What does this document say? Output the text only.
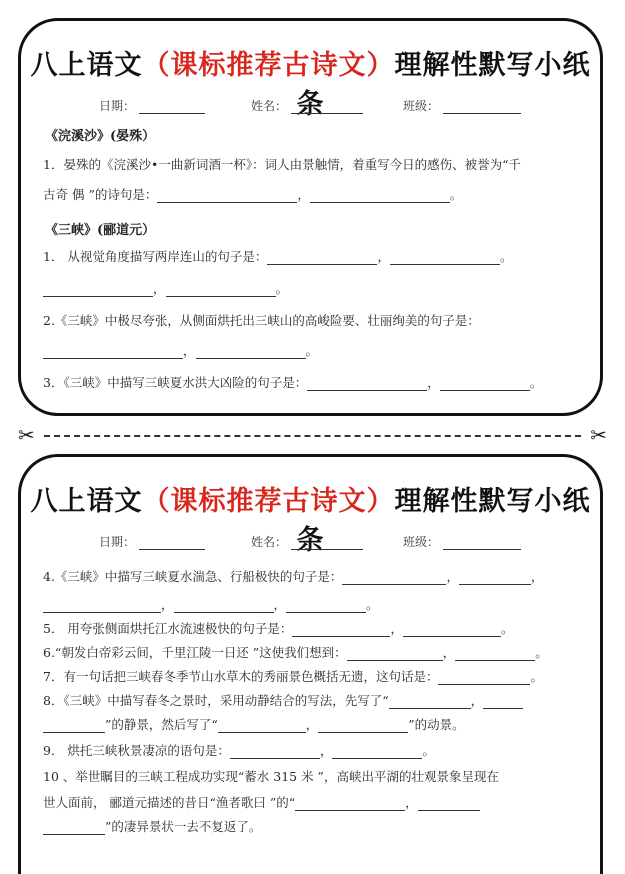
八上语文（课标推荐古诗文）理解性默写小纸条
日期：	姓名：	班级：
《浣溪沙》(晏殊）
1．晏殊的《浣溪沙•一曲新词酒一杯》：词人由景触情，着重写今日的感伤、被誉为“千
古奇 偶 ”的诗句是：	，	。
《三峡》(郦道元）
1． 从视觉角度描写两岸连山的句子是：	，	。
，	。
2.《三峡》中极尽夸张，从侧面烘托出三峡山的高峻险要、壮丽绚美的句子是：
，	。
3．《三峡》中描写三峡夏水洪大凶险的句子是：	，	。
✂	✂
八上语文（课标推荐古诗文）理解性默写小纸条
日期：	姓名：	班级：
4.《三峡》中描写三峡夏水湍急、行船极快的句子是：	，	，
，	，	。
5． 用夸张侧面烘托江水流速极快的句子是：	，	。
6.“朝发白帝彩云间，千里江陵一日还 ”这使我们想到：	，	。
7．有一句话把三峡春冬季节山水草木的秀丽景色概括无遗，这句话是：	。
8．《三峡》中描写春冬之景时，采用动静结合的写法，先写了“	，
”的静景，然后写了“	，	”的动景。
9． 烘托三峡秋景凄凉的语句是：	，	。
10 、举世瞩目的三峡工程成功实现“蓄水 315 米 ”，高峡出平湖的壮观景象呈现在
世人面前， 郦道元描述的昔日“渔者歌曰 ”的“	，
”的凄异景状一去不复返了。
